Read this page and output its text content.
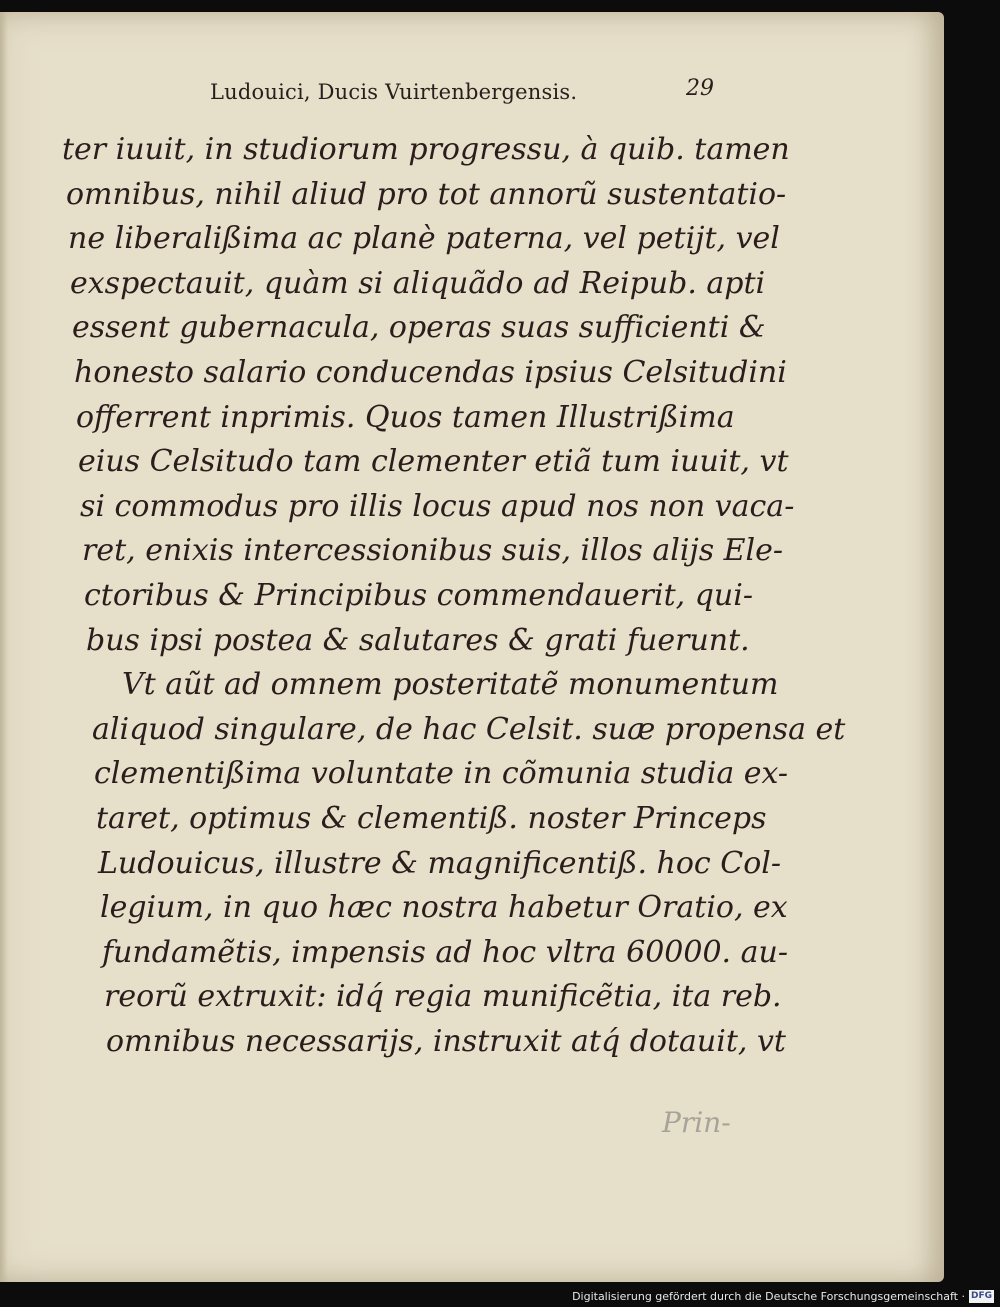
Ludouici, Ducis Vuirtenbergensis.	29
ter iuuit, in studiorum progressu, à quib. tamen
omnibus, nihil aliud pro tot annorũ sustentatio-
ne liberalißima ac planè paterna, vel petijt, vel
exspectauit, quàm si aliquãdo ad Reipub. apti
essent gubernacula, operas suas sufficienti &
honesto salario conducendas ipsius Celsitudini
offerrent inprimis. Quos tamen Illustrißima
eius Celsitudo tam clementer etiã tum iuuit, vt
si commodus pro illis locus apud nos non vaca-
ret, enixis intercessionibus suis, illos alijs Ele-
ctoribus & Principibus commendauerit, qui-
bus ipsi postea & salutares & grati fuerunt.
Vt aũt ad omnem posteritatẽ monumentum
aliquod singulare, de hac Celsit. suæ propensa et
clementißima voluntate in cõmunia studia ex-
taret, optimus & clementiß. noster Princeps
Ludouicus, illustre & magnificentiß. hoc Col-
legium, in quo hæc nostra habetur Oratio, ex
fundamẽtis, impensis ad hoc vltra 60000. au-
reorũ extruxit: idq́ regia munificẽtia, ita reb.
omnibus necessarijs, instruxit atq́ dotauit, vt
Prin-
Digitalisierung gefördert durch die Deutsche Forschungsgemeinschaft · DFG
